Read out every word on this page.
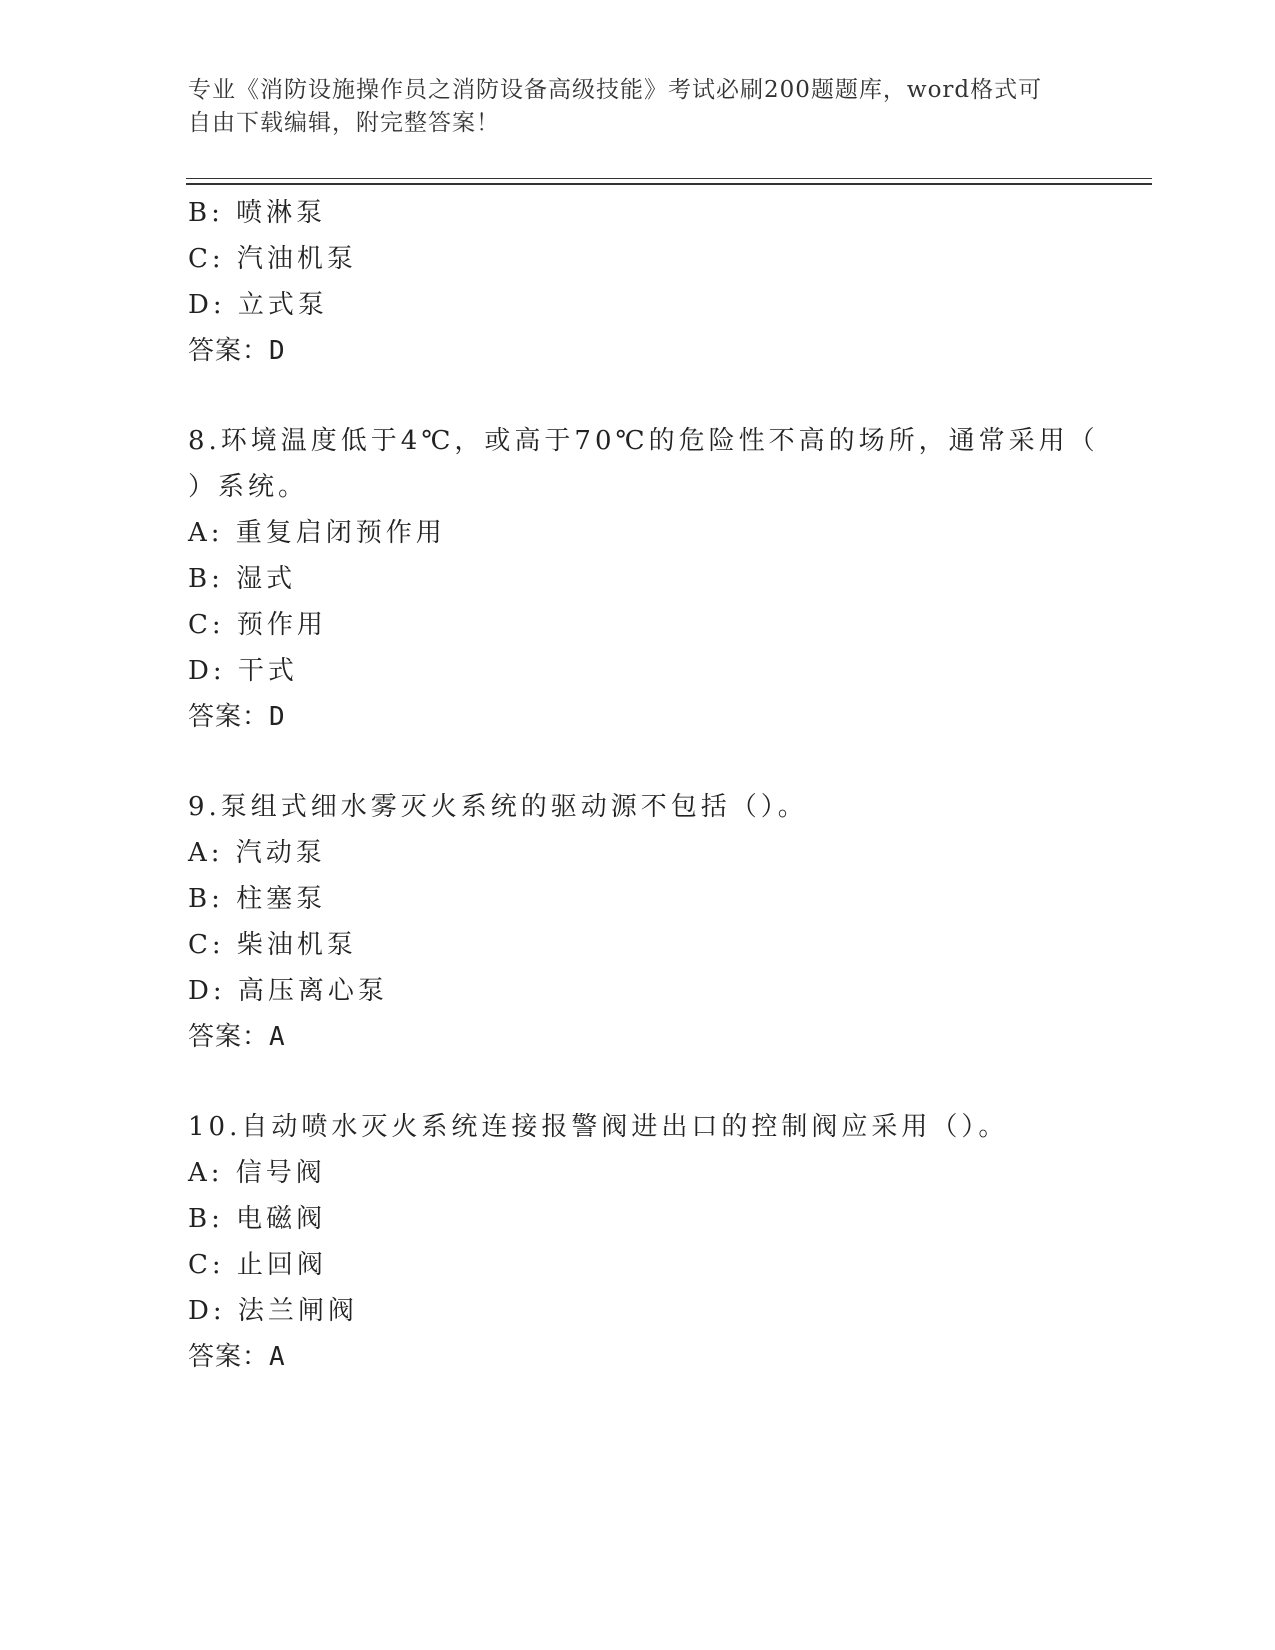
专业《消防设施操作员之消防设备高级技能》考试必刷200题题库，word格式可
自由下载编辑，附完整答案！
B: 喷淋泵
C: 汽油机泵
D: 立式泵
答案：D
8.环境温度低于4℃，或高于70℃的危险性不高的场所，通常采用（
）系统。
A: 重复启闭预作用
B: 湿式
C: 预作用
D: 干式
答案：D
9.泵组式细水雾灭火系统的驱动源不包括（）。
A: 汽动泵
B: 柱塞泵
C: 柴油机泵
D: 高压离心泵
答案：A
10.自动喷水灭火系统连接报警阀进出口的控制阀应采用（）。
A: 信号阀
B: 电磁阀
C: 止回阀
D: 法兰闸阀
答案：A
